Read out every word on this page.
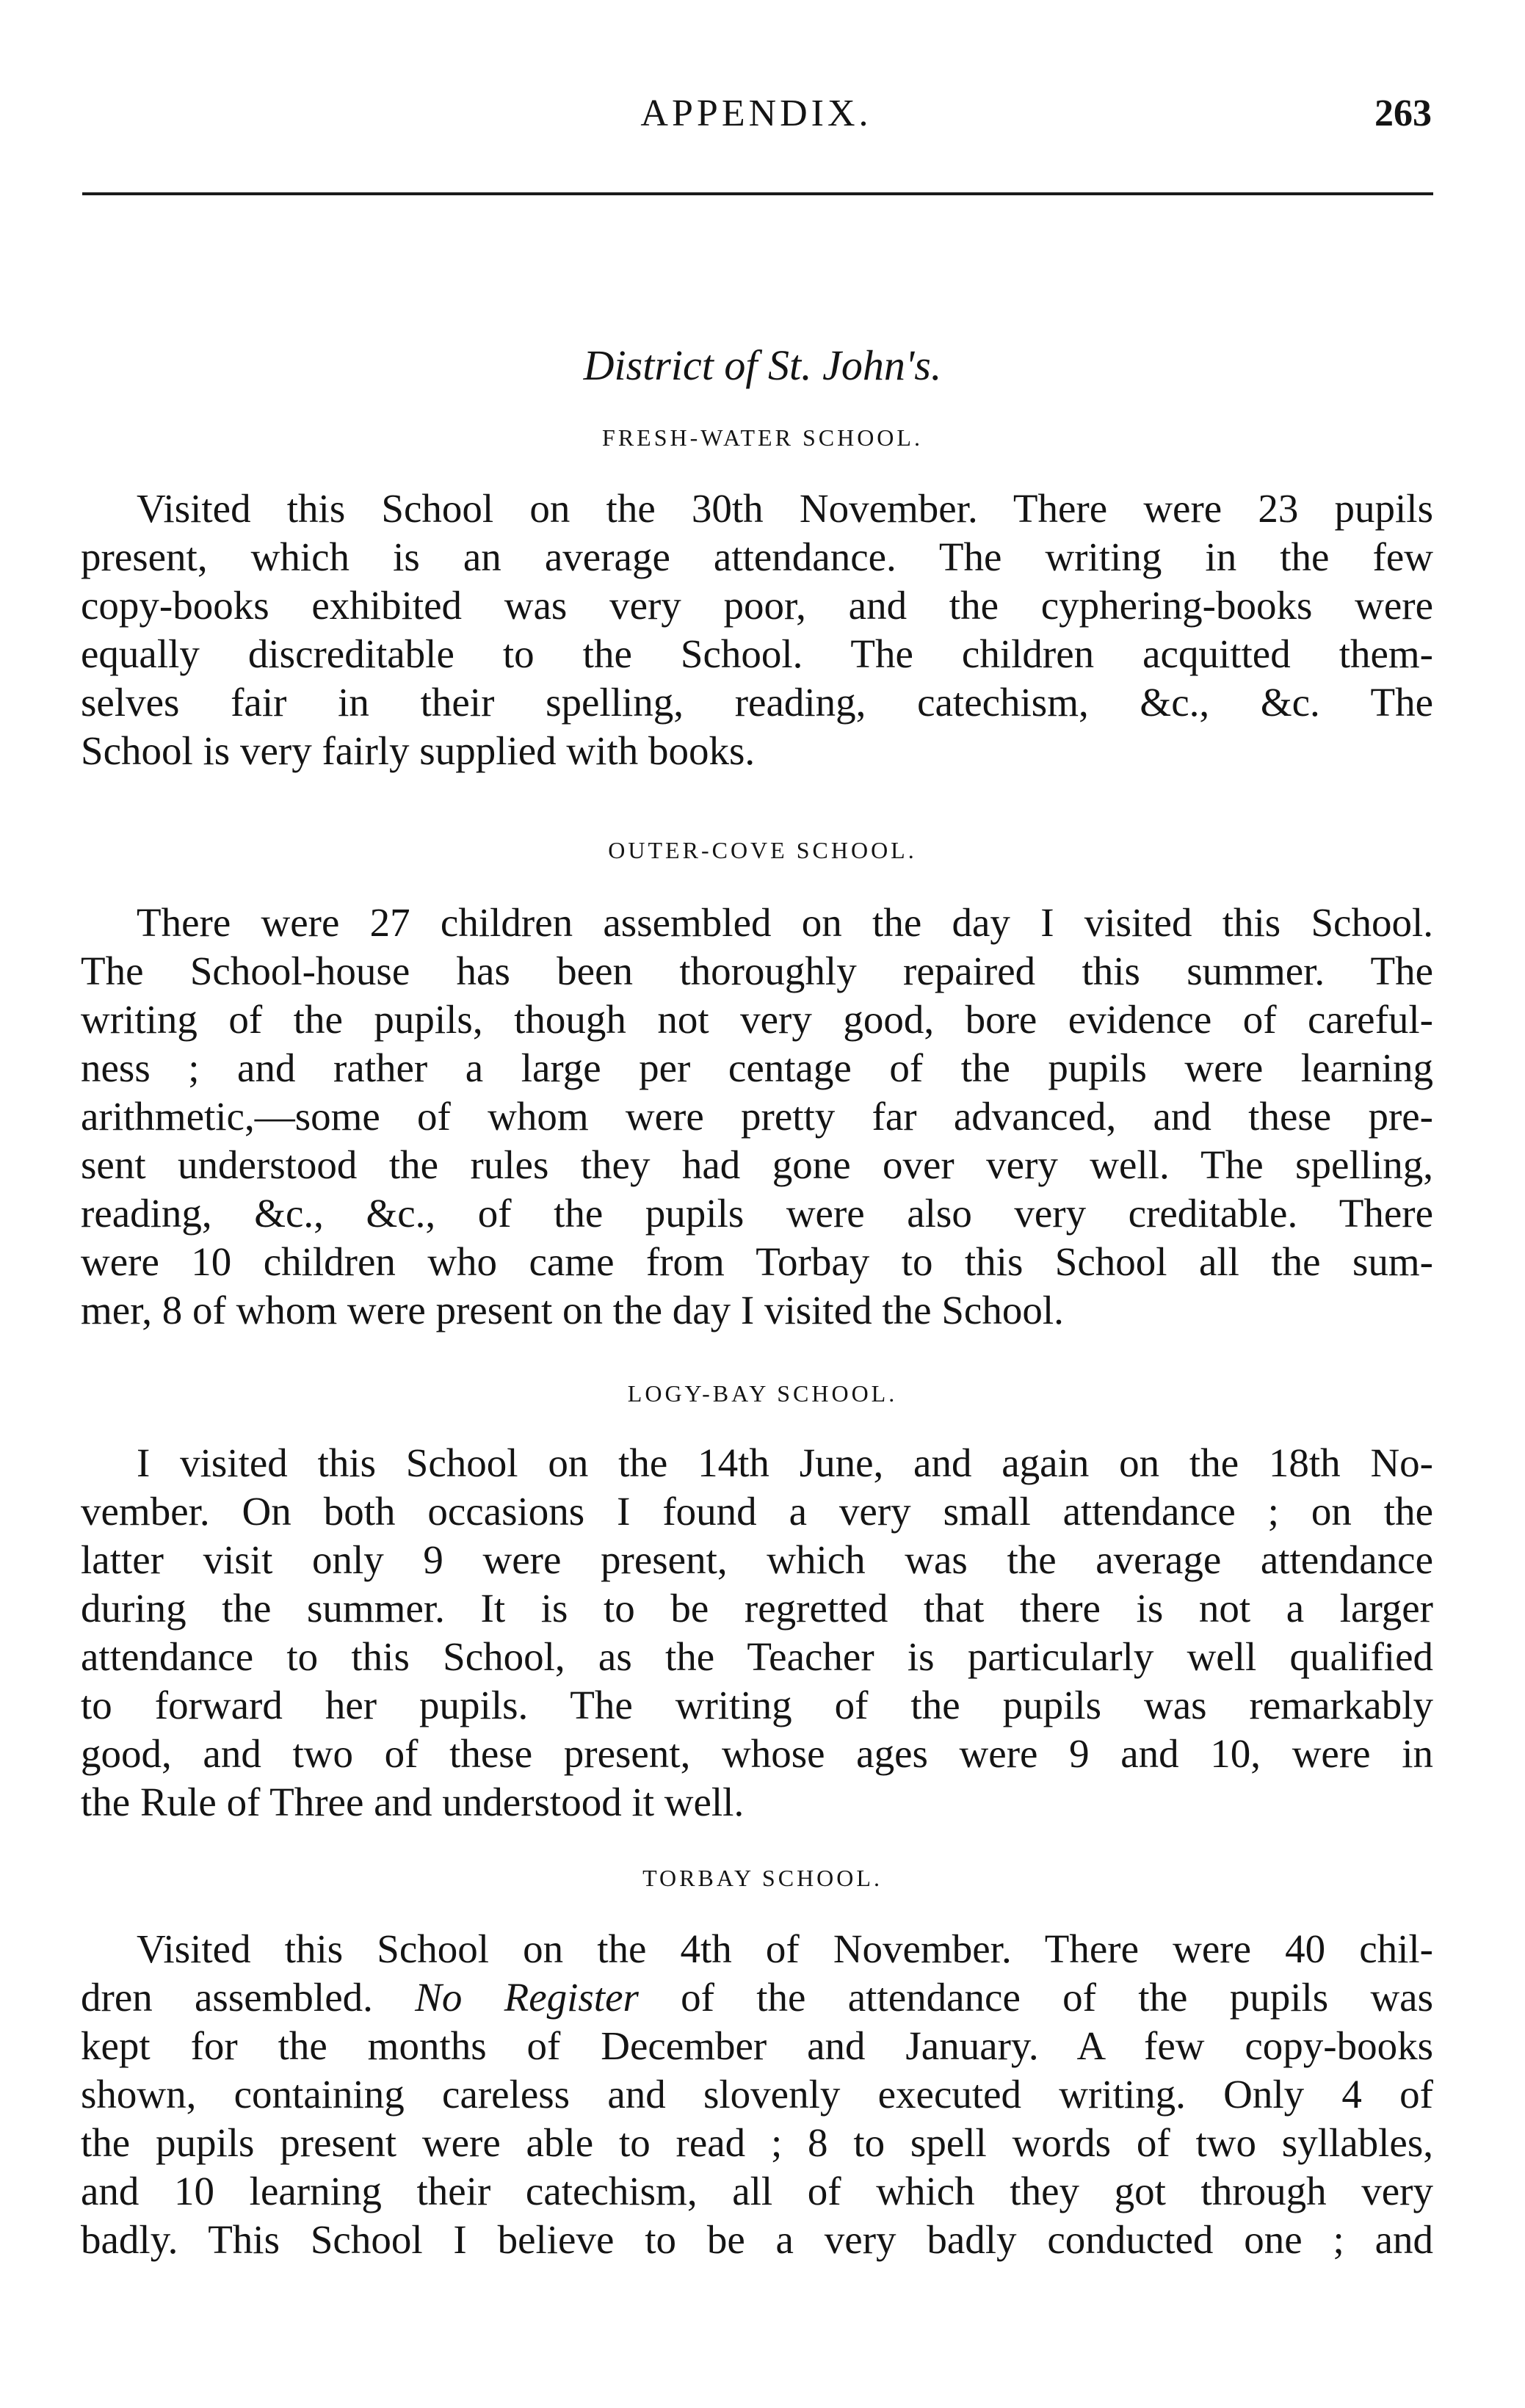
APPENDIX.	263
District of St. John's.
FRESH-WATER SCHOOL.
Visited this School on the 30th November. There were 23 pupils
present, which is an average attendance. The writing in the few
copy-books exhibited was very poor, and the cyphering-books were
equally discreditable to the School. The children acquitted them-
selves fair in their spelling, reading, catechism, &c., &c. The
School is very fairly supplied with books.
OUTER-COVE SCHOOL.
There were 27 children assembled on the day I visited this School.
The School-house has been thoroughly repaired this summer. The
writing of the pupils, though not very good, bore evidence of careful-
ness ; and rather a large per centage of the pupils were learning
arithmetic,—some of whom were pretty far advanced, and these pre-
sent understood the rules they had gone over very well. The spelling,
reading, &c., &c., of the pupils were also very creditable. There
were 10 children who came from Torbay to this School all the sum-
mer, 8 of whom were present on the day I visited the School.
LOGY-BAY SCHOOL.
I visited this School on the 14th June, and again on the 18th No-
vember. On both occasions I found a very small attendance ; on the
latter visit only 9 were present, which was the average attendance
during the summer. It is to be regretted that there is not a larger
attendance to this School, as the Teacher is particularly well qualified
to forward her pupils. The writing of the pupils was remarkably
good, and two of these present, whose ages were 9 and 10, were in
the Rule of Three and understood it well.
TORBAY SCHOOL.
Visited this School on the 4th of November. There were 40 chil-
dren assembled. No Register of the attendance of the pupils was
kept for the months of December and January. A few copy-books
shown, containing careless and slovenly executed writing. Only 4 of
the pupils present were able to read ; 8 to spell words of two syllables,
and 10 learning their catechism, all of which they got through very
badly. This School I believe to be a very badly conducted one ; and
